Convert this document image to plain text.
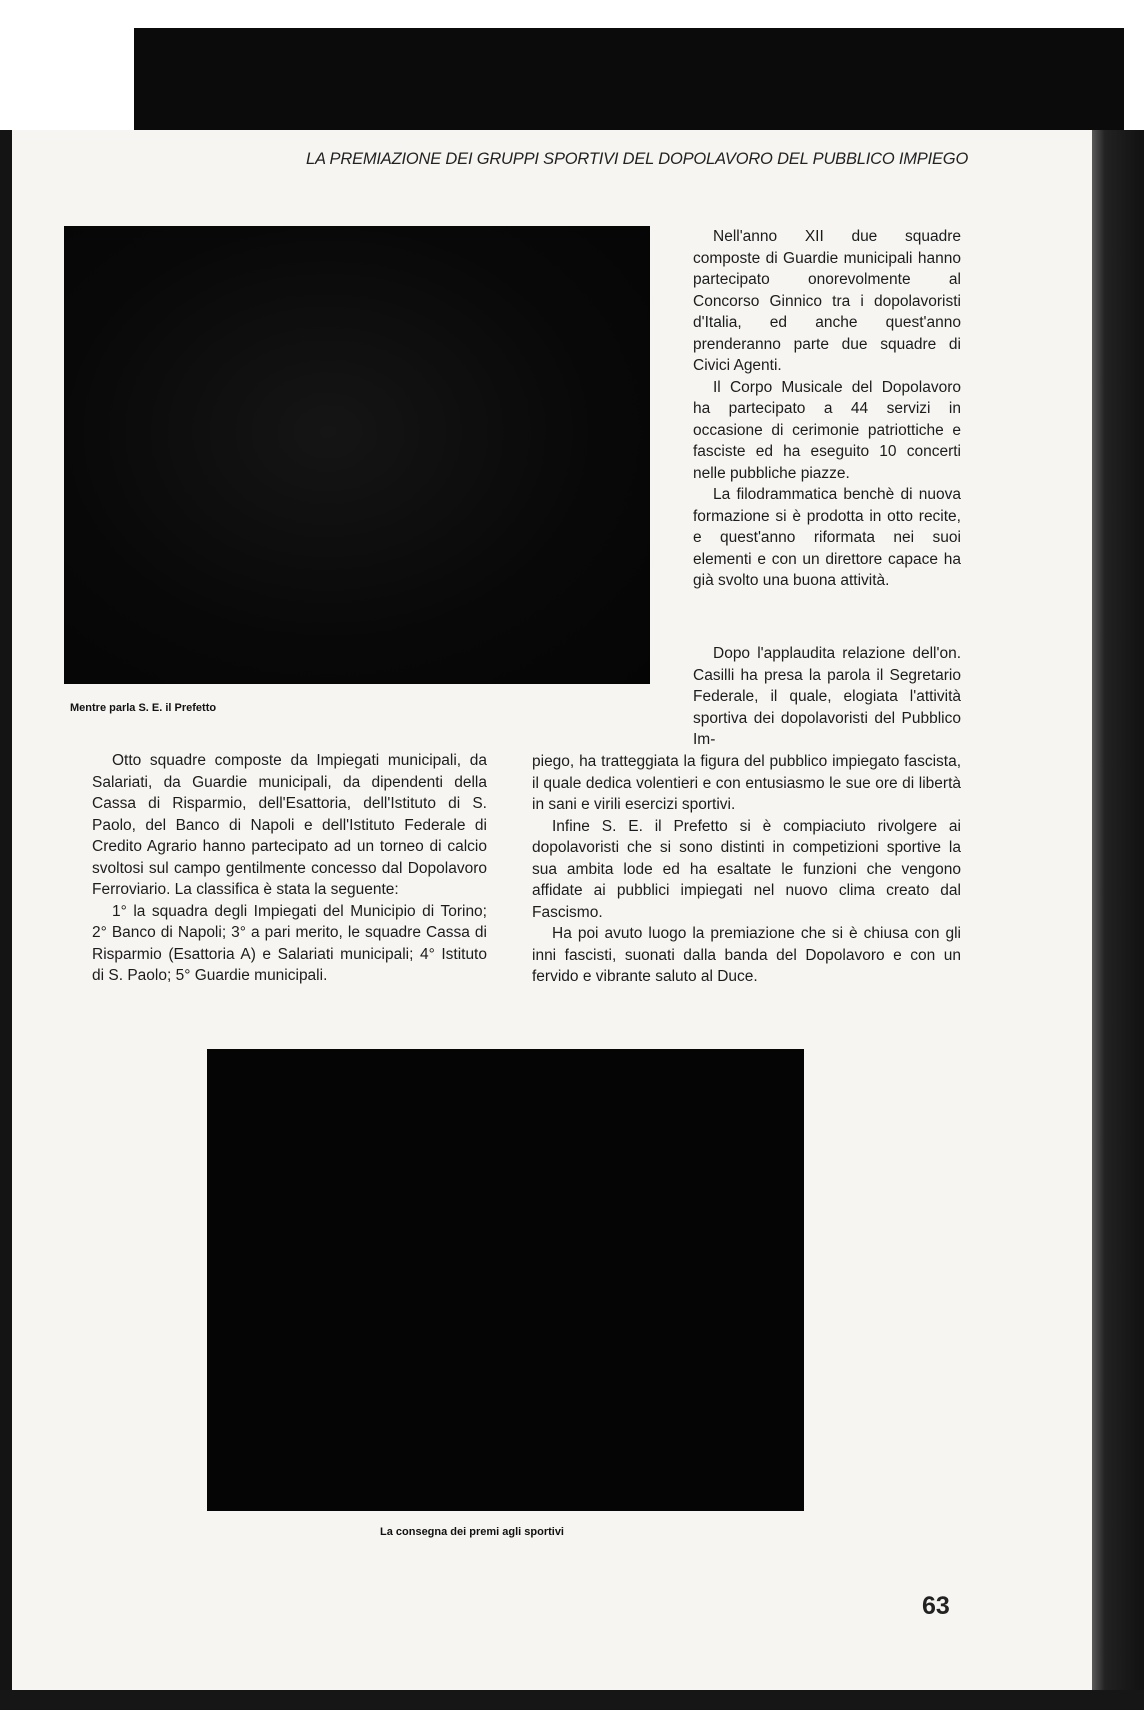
LA PREMIAZIONE DEI GRUPPI SPORTIVI DEL DOPOLAVORO DEL PUBBLICO IMPIEGO
Mentre parla S. E. il Prefetto

Nell'anno XII due squadre composte di Guardie municipali hanno partecipato onorevolmente al Concorso Ginnico tra i dopolavoristi d'Italia, ed anche quest'anno prenderanno parte due squadre di Civici Agenti.

Il Corpo Musicale del Dopolavoro ha partecipato a 44 servizi in occasione di cerimonie patriottiche e fasciste ed ha eseguito 10 concerti nelle pubbliche piazze.

La filodrammatica benchè di nuova formazione si è prodotta in otto recite, e quest'anno riformata nei suoi elementi e con un direttore capace ha già svolto una buona attività.

Dopo l'applaudita relazione dell'on. Casilli ha presa la parola il Segretario Federale, il quale, elogiata l'attività sportiva dei dopolavoristi del Pubblico Im-

piego, ha tratteggiata la figura del pubblico impiegato fascista, il quale dedica volentieri e con entusiasmo le sue ore di libertà in sani e virili esercizi sportivi.

Infine S. E. il Prefetto si è compiaciuto rivolgere ai dopolavoristi che si sono distinti in competizioni sportive la sua ambita lode ed ha esaltate le funzioni che vengono affidate ai pubblici impiegati nel nuovo clima creato dal Fascismo.

Ha poi avuto luogo la premiazione che si è chiusa con gli inni fascisti, suonati dalla banda del Dopolavoro e con un fervido e vibrante saluto al Duce.

Otto squadre composte da Impiegati municipali, da Salariati, da Guardie municipali, da dipendenti della Cassa di Risparmio, dell'Esattoria, dell'Istituto di S. Paolo, del Banco di Napoli e dell'Istituto Federale di Credito Agrario hanno partecipato ad un torneo di calcio svoltosi sul campo gentilmente concesso dal Dopolavoro Ferroviario. La classifica è stata la seguente:

1° la squadra degli Impiegati del Municipio di Torino; 2° Banco di Napoli; 3° a pari merito, le squadre Cassa di Risparmio (Esattoria A) e Salariati municipali; 4° Istituto di S. Paolo; 5° Guardie municipali.

La consegna dei premi agli sportivi
63
